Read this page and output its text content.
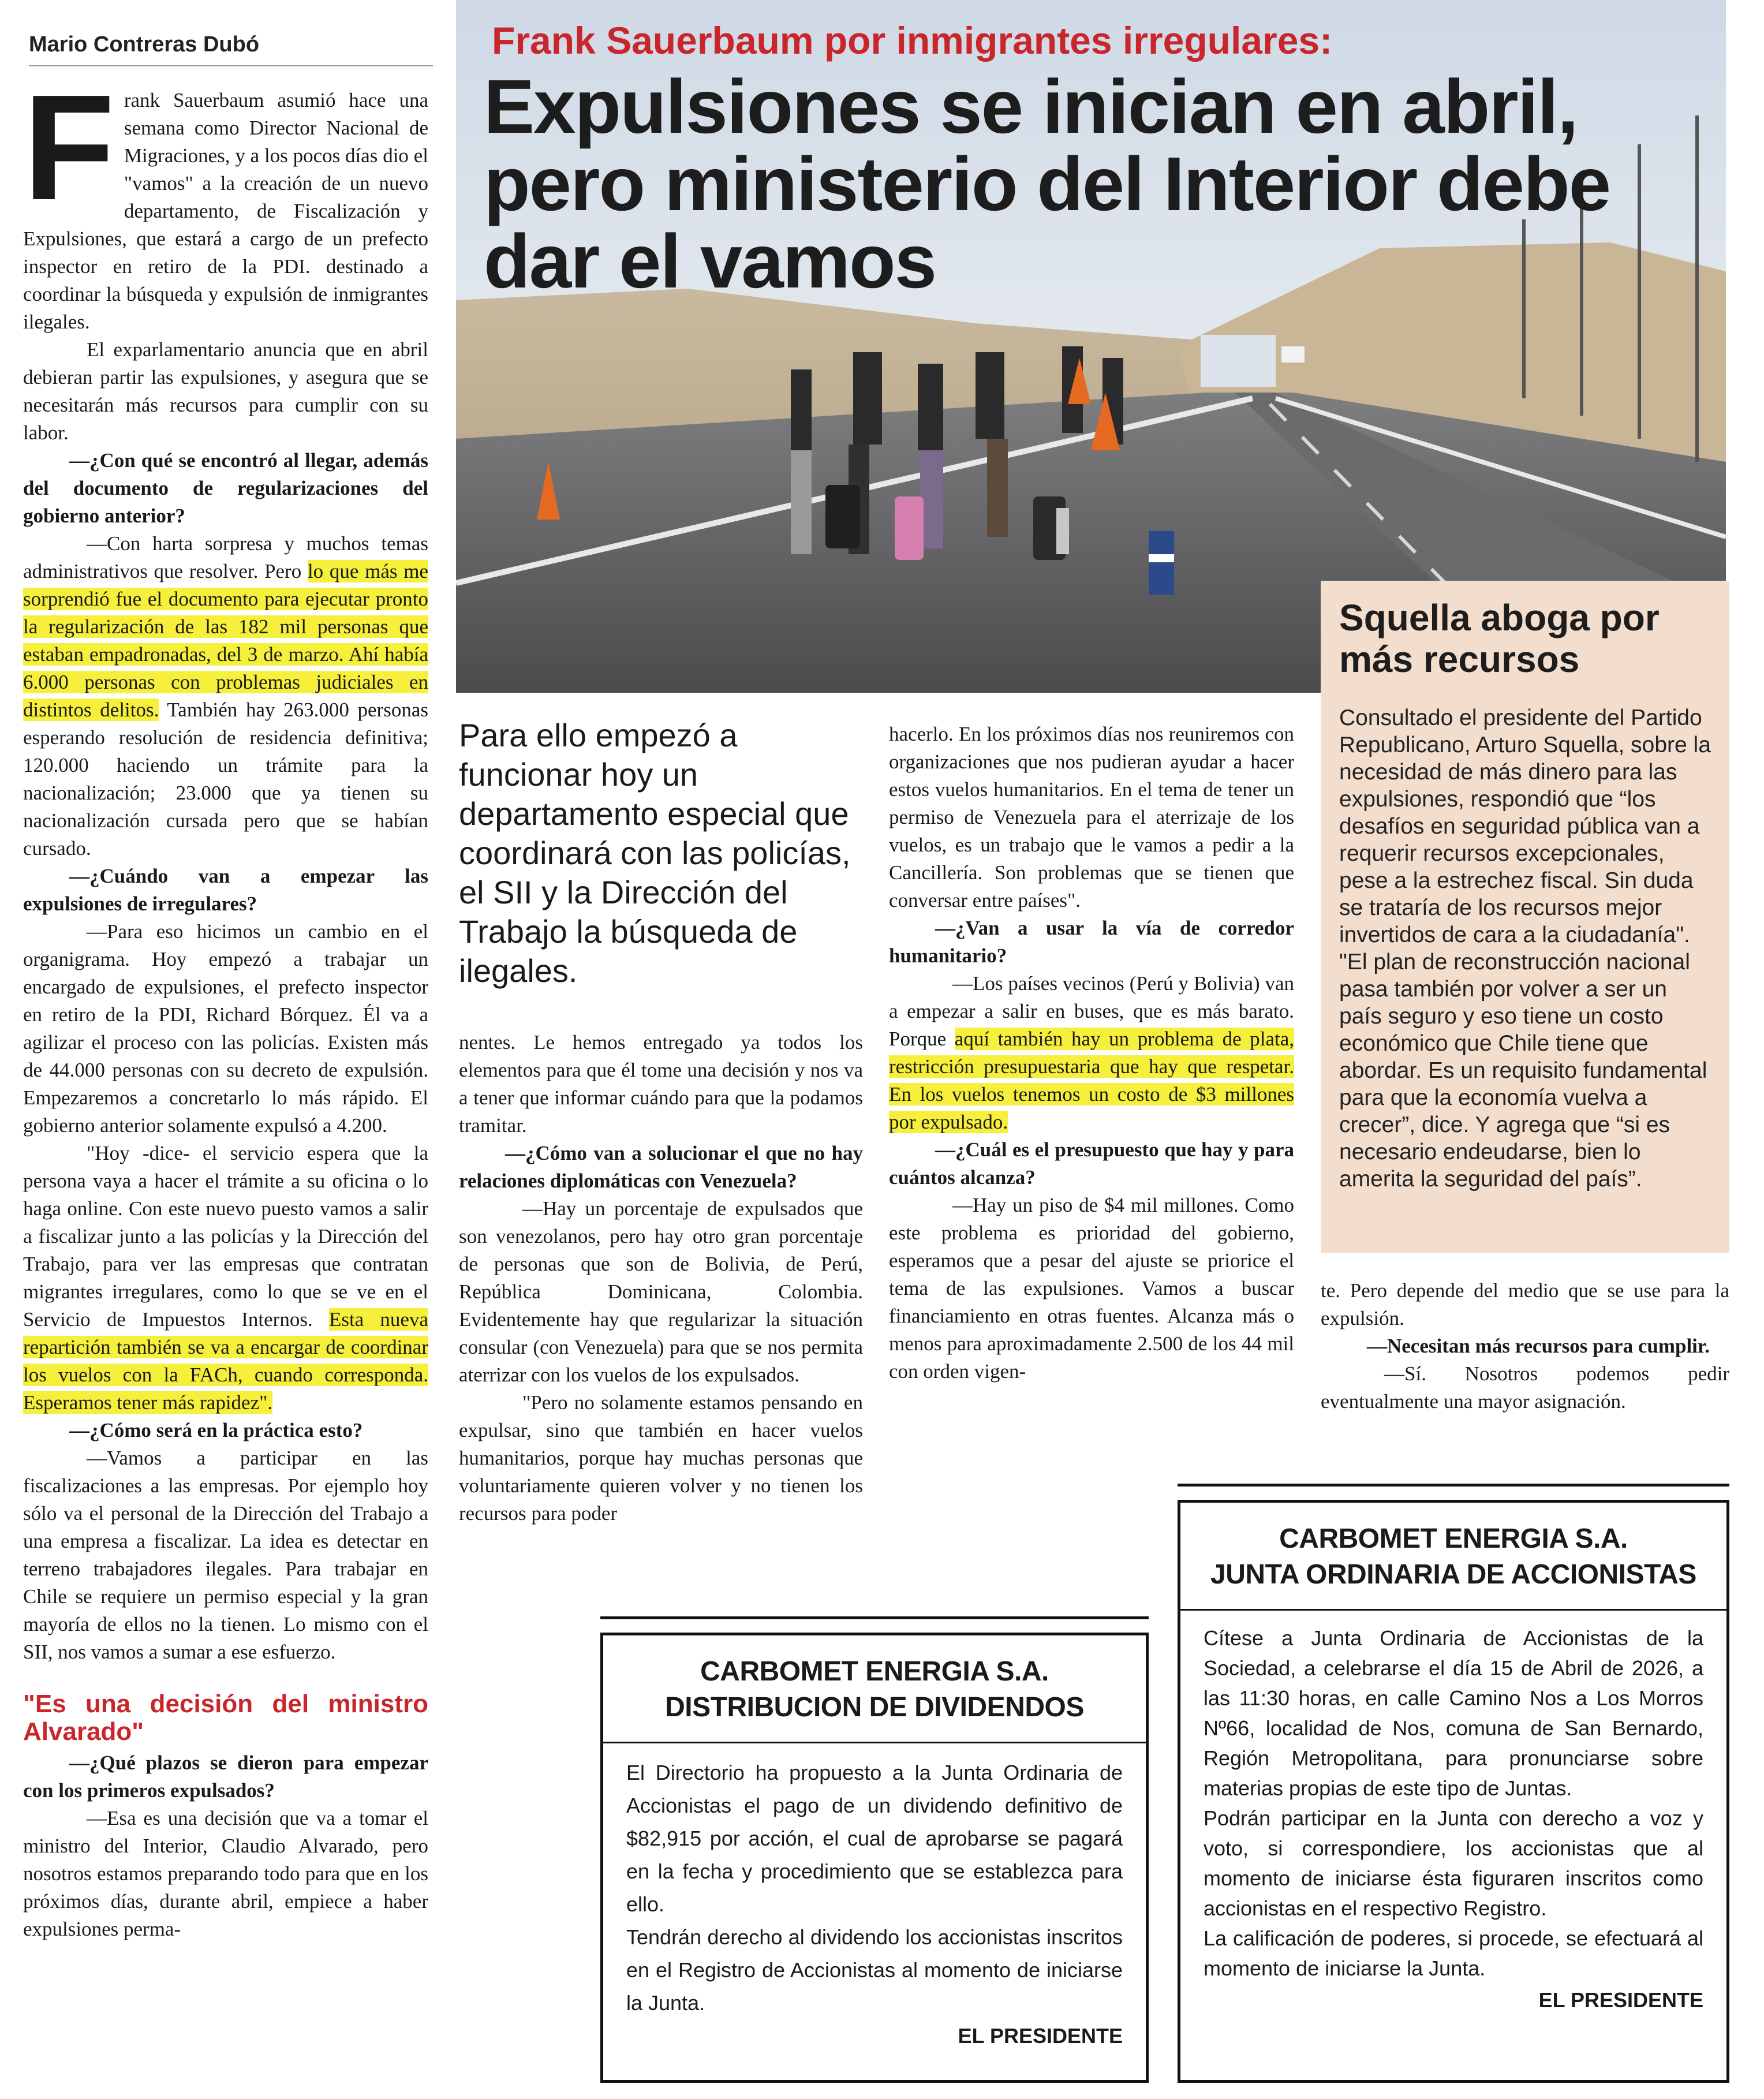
Mario Contreras Dubó	Frank Sauerbaum por inmigrantes irregulares:
Expulsiones se inician en abril, pero ministerio del Interior debe dar el vamos
F rank Sauerbaum asumió hace una semana como Director Nacional de Migraciones, y a los pocos días dio el "vamos" a la creación de un nuevo departamento, de Fiscalización y Expulsiones, que estará a cargo de un prefecto inspector en retiro de la PDI. destinado a coordinar la búsqueda y expulsión de inmigrantes ilegales.

El exparlamentario anuncia que en abril debieran partir las expulsiones, y asegura que se necesitarán más recursos para cumplir con su labor.

—¿Con qué se encontró al llegar, además del documento de regularizaciones del gobierno anterior?

—Con harta sorpresa y muchos temas administrativos que resolver. Pero lo que más me sorprendió fue el documento para ejecutar pronto la regularización de las 182 mil personas que estaban empadronadas, del 3 de marzo. Ahí había 6.000 personas con problemas judiciales en distintos delitos. También hay 263.000 personas esperando resolución de residencia definitiva; 120.000 haciendo un trámite para la nacionalización; 23.000 que ya tienen su nacionalización cursada pero que se habían cursado.

—¿Cuándo van a empezar las expulsiones de irregulares?

—Para eso hicimos un cambio en el organigrama. Hoy empezó a trabajar un encargado de expulsiones, el prefecto inspector en retiro de la PDI, Richard Bórquez. Él va a agilizar el proceso con las policías. Existen más de 44.000 personas con su decreto de expulsión. Empezaremos a concretarlo lo más rápido. El gobierno anterior solamente expulsó a 4.200.

"Hoy -dice- el servicio espera que la persona vaya a hacer el trámite a su oficina o lo haga online. Con este nuevo puesto vamos a salir a fiscalizar junto a las policías y la Dirección del Trabajo, para ver las empresas que contratan migrantes irregulares, como lo que se ve en el Servicio de Impuestos Internos. Esta nueva repartición también se va a encargar de coordinar los vuelos con la FACh, cuando corresponda. Esperamos tener más rapidez".

—¿Cómo será en la práctica esto?

—Vamos a participar en las fiscalizaciones a las empresas. Por ejemplo hoy sólo va el personal de la Dirección del Trabajo a una empresa a fiscalizar. La idea es detectar en terreno trabajadores ilegales. Para trabajar en Chile se requiere un permiso especial y la gran mayoría de ellos no la tienen. Lo mismo con el SII, nos vamos a sumar a ese esfuerzo.

"Es una decisión del ministro Alvarado"

—¿Qué plazos se dieron para empezar con los primeros expulsados?

—Esa es una decisión que va a tomar el ministro del Interior, Claudio Alvarado, pero nosotros estamos preparando todo para que en los próximos días, durante abril, empiece a haber expulsiones perma-

Para ello empezó a funcionar hoy un departamento especial que coordinará con las policías, el SII y la Dirección del Trabajo la búsqueda de ilegales.

nentes. Le hemos entregado ya todos los elementos para que él tome una decisión y nos va a tener que informar cuándo para que la podamos tramitar.

—¿Cómo van a solucionar el que no hay relaciones diplomáticas con Venezuela?

—Hay un porcentaje de expulsados que son venezolanos, pero hay otro gran porcentaje de personas que son de Bolivia, de Perú, República Dominicana, Colombia. Evidentemente hay que regularizar la situación consular (con Venezuela) para que se nos permita aterrizar con los vuelos de los expulsados.

"Pero no solamente estamos pensando en expulsar, sino que también en hacer vuelos humanitarios, porque hay muchas personas que voluntariamente quieren volver y no tienen los recursos para poder

hacerlo. En los próximos días nos reuniremos con organizaciones que nos pudieran ayudar a hacer estos vuelos humanitarios. En el tema de tener un permiso de Venezuela para el aterrizaje de los vuelos, es un trabajo que le vamos a pedir a la Cancillería. Son problemas que se tienen que conversar entre países".

—¿Van a usar la vía de corredor humanitario?

—Los países vecinos (Perú y Bolivia) van a empezar a salir en buses, que es más barato. Porque aquí también hay un problema de plata, restricción presupuestaria que hay que respetar. En los vuelos tenemos un costo de $3 millones por expulsado.

—¿Cuál es el presupuesto que hay y para cuántos alcanza?

—Hay un piso de $4 mil millones. Como este problema es prioridad del gobierno, esperamos que a pesar del ajuste se priorice el tema de las expulsiones. Vamos a buscar financiamiento en otras fuentes. Alcanza más o menos para aproximadamente 2.500 de los 44 mil con orden vigen-

Squella aboga por más recursos

Consultado el presidente del Partido Republicano, Arturo Squella, sobre la necesidad de más dinero para las expulsiones, respondió que “los desafíos en seguridad pública van a requerir recursos excepcionales, pese a la estrechez fiscal. Sin duda se trataría de los recursos mejor invertidos de cara a la ciudadanía".

"El plan de reconstrucción nacional pasa también por volver a ser un país seguro y eso tiene un costo económico que Chile tiene que abordar. Es un requisito fundamental para que la economía vuelva a crecer”, dice. Y agrega que “si es necesario endeudarse, bien lo amerita la seguridad del país”.

te. Pero depende del medio que se use para la expulsión.

—Necesitan más recursos para cumplir.

—Sí. Nosotros podemos pedir eventualmente una mayor asignación.

CARBOMET ENERGIA S.A.
DISTRIBUCION DE DIVIDENDOS
El Directorio ha propuesto a la Junta Ordinaria de Accionistas el pago de un dividendo definitivo de $82,915 por acción, el cual de aprobarse se pagará en la fecha y procedimiento que se establezca para ello.
Tendrán derecho al dividendo los accionistas inscritos en el Registro de Accionistas al momento de iniciarse la Junta.
EL PRESIDENTE
CARBOMET ENERGIA S.A.
JUNTA ORDINARIA DE ACCIONISTAS
Cítese a Junta Ordinaria de Accionistas de la Sociedad, a celebrarse el día 15 de Abril de 2026, a las 11:30 horas, en calle Camino Nos a Los Morros Nº66, localidad de Nos, comuna de San Bernardo, Región Metropolitana, para pronunciarse sobre materias propias de este tipo de Juntas.
Podrán participar en la Junta con derecho a voz y voto, si correspondiere, los accionistas que al momento de iniciarse ésta figuraren inscritos como accionistas en el respectivo Registro.
La calificación de poderes, si procede, se efectuará al momento de iniciarse la Junta.
EL PRESIDENTE
